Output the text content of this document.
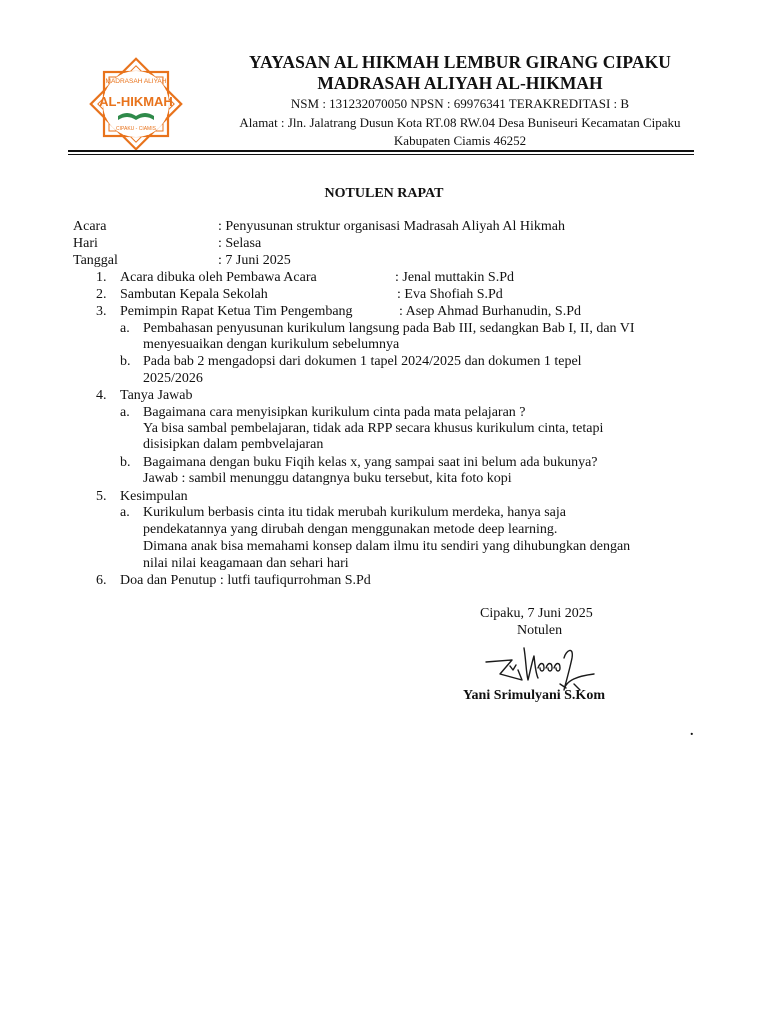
MADRASAH ALIYAH
AL-HIKMAH
CIPAKU - CIAMIS
YAYASAN AL HIKMAH LEMBUR GIRANG CIPAKU
MADRASAH ALIYAH AL-HIKMAH
NSM : 131232070050 NPSN : 69976341 TERAKREDITASI : B
Alamat : Jln. Jalatrang Dusun Kota RT.08 RW.04 Desa Buniseuri Kecamatan Cipaku
Kabupaten Ciamis 46252
NOTULEN RAPAT
Acara	: Penyusunan struktur organisasi Madrasah Aliyah Al Hikmah
Hari	: Selasa
Tanggal	: 7 Juni 2025
1. Acara dibuka oleh Pembawa Acara	: Jenal muttakin S.Pd
2. Sambutan Kepala Sekolah	: Eva Shofiah S.Pd
3. Pemimpin Rapat Ketua Tim Pengembang	: Asep Ahmad Burhanudin, S.Pd
a. Pembahasan penyusunan kurikulum langsung pada Bab III, sedangkan Bab I, II, dan VI
menyesuaikan dengan kurikulum sebelumnya
b. Pada bab 2 mengadopsi dari dokumen 1 tapel 2024/2025 dan dokumen 1 tepel
2025/2026
4. Tanya Jawab
a. Bagaimana cara menyisipkan kurikulum cinta pada mata pelajaran ?
Ya bisa sambal pembelajaran, tidak ada RPP secara khusus kurikulum cinta, tetapi
disisipkan dalam pembvelajaran
b. Bagaimana dengan buku Fiqih kelas x, yang sampai saat ini belum ada bukunya?
Jawab : sambil menunggu datangnya buku tersebut, kita foto kopi
5. Kesimpulan
a. Kurikulum berbasis cinta itu tidak merubah kurikulum merdeka, hanya saja
pendekatannya yang dirubah dengan menggunakan metode deep learning.
Dimana anak bisa memahami konsep dalam ilmu itu sendiri yang dihubungkan dengan
nilai nilai keagamaan dan sehari hari
6. Doa dan Penutup : lutfi taufiqurrohman S.Pd
Cipaku, 7 Juni 2025
Notulen
Yani Srimulyani S.Kom
.
